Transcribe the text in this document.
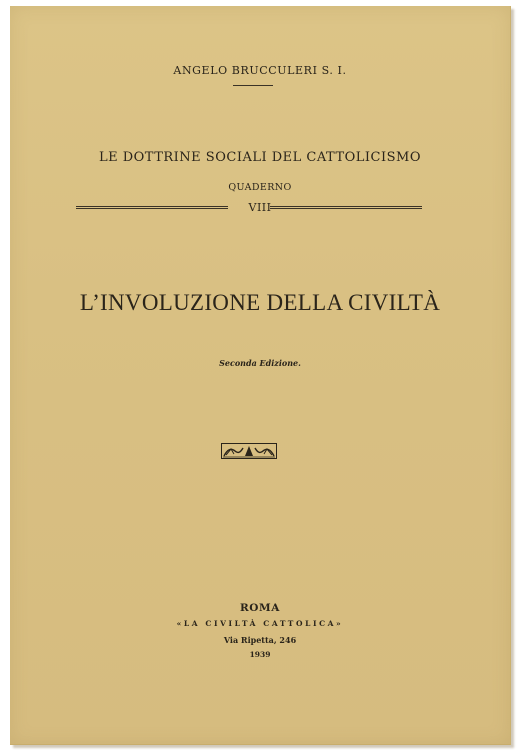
ANGELO BRUCCULERI S. I.
LE DOTTRINE SOCIALI DEL CATTOLICISMO
QUADERNO
VIII
L’INVOLUZIONE DELLA CIVILTÀ
Seconda Edizione.
ROMA
«LA CIVILTÀ CATTOLICA»
Via Ripetta, 246
1939
